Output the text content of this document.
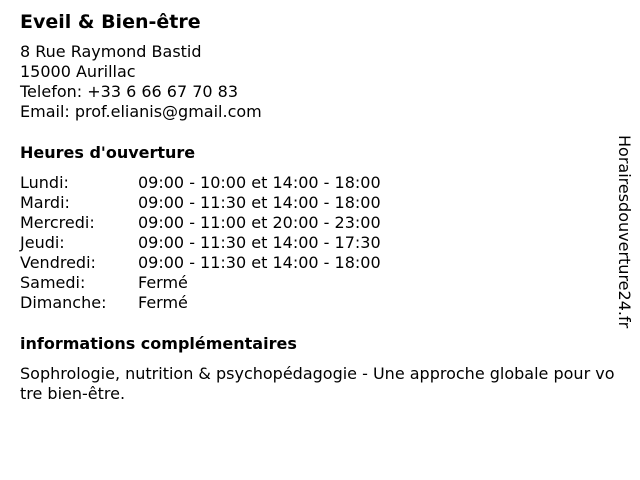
Eveil & Bien-être
8 Rue Raymond Bastid
15000 Aurillac
Telefon: +33 6 66 67 70 83
Email: prof.elianis@gmail.com
Heures d'ouverture
Lundi:	09:00 - 10:00 et 14:00 - 18:00
Mardi:	09:00 - 11:30 et 14:00 - 18:00
Mercredi:	09:00 - 11:00 et 20:00 - 23:00
Jeudi:	09:00 - 11:30 et 14:00 - 17:30
Vendredi:	09:00 - 11:30 et 14:00 - 18:00
Samedi:	Fermé
Dimanche:	Fermé
informations complémentaires
Sophrologie, nutrition & psychopédagogie - Une approche globale pour votre bien-être.
Horairesdouverture24.fr
